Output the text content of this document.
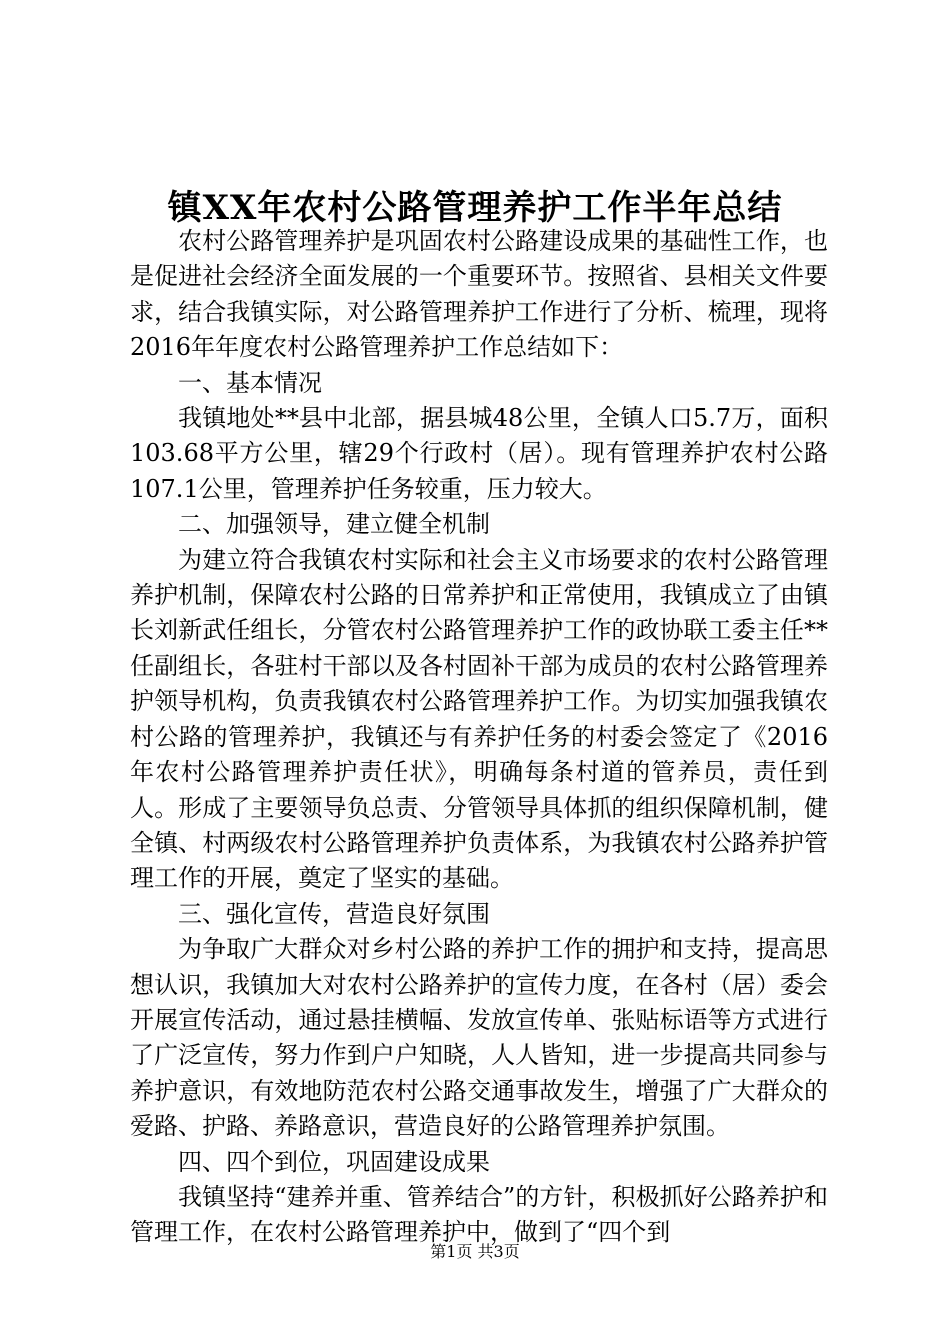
镇XX年农村公路管理养护工作半年总结

农村公路管理养护是巩固农村公路建设成果的基础性工作，也是促进社会经济全面发展的一个重要环节。按照省、县相关文件要求，结合我镇实际，对公路管理养护工作进行了分析、梳理，现将2016年年度农村公路管理养护工作总结如下：

一、基本情况

我镇地处**县中北部，据县城48公里，全镇人口5.7万，面积103.68平方公里，辖29个行政村（居）。现有管理养护农村公路107.1公里，管理养护任务较重，压力较大。

二、加强领导，建立健全机制

为建立符合我镇农村实际和社会主义市场要求的农村公路管理养护机制，保障农村公路的日常养护和正常使用，我镇成立了由镇长刘新武任组长，分管农村公路管理养护工作的政协联工委主任**任副组长，各驻村干部以及各村固补干部为成员的农村公路管理养护领导机构，负责我镇农村公路管理养护工作。为切实加强我镇农村公路的管理养护，我镇还与有养护任务的村委会签定了《2016年农村公路管理养护责任状》，明确每条村道的管养员，责任到人。形成了主要领导负总责、分管领导具体抓的组织保障机制，健全镇、村两级农村公路管理养护负责体系，为我镇农村公路养护管理工作的开展，奠定了坚实的基础。

三、强化宣传，营造良好氛围

为争取广大群众对乡村公路的养护工作的拥护和支持，提高思想认识，我镇加大对农村公路养护的宣传力度，在各村（居）委会开展宣传活动，通过悬挂横幅、发放宣传单、张贴标语等方式进行了广泛宣传，努力作到户户知晓，人人皆知，进一步提高共同参与养护意识，有效地防范农村公路交通事故发生，增强了广大群众的爱路、护路、养路意识，营造良好的公路管理养护氛围。

四、四个到位，巩固建设成果

我镇坚持“建养并重、管养结合”的方针，积极抓好公路养护和管理工作，在农村公路管理养护中，做到了“四个到

第1页 共3页
